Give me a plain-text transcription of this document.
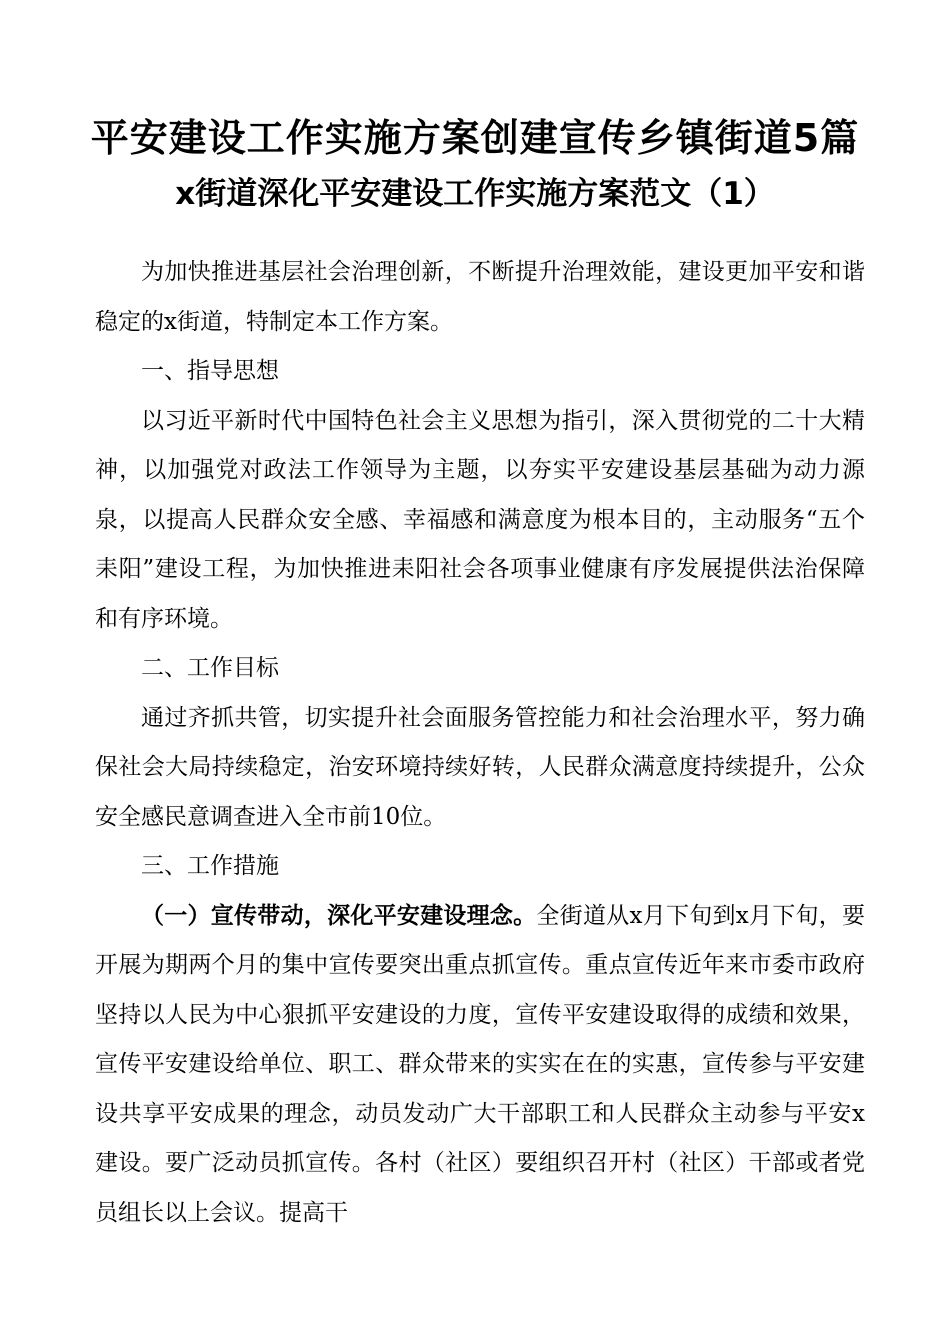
平安建设工作实施方案创建宣传乡镇街道5篇
x街道深化平安建设工作实施方案范文（1）

为加快推进基层社会治理创新，不断提升治理效能，建设更加平安和谐稳定的x街道，特制定本工作方案。

一、指导思想

以习近平新时代中国特色社会主义思想为指引，深入贯彻党的二十大精神，以加强党对政法工作领导为主题，以夯实平安建设基层基础为动力源泉，以提高人民群众安全感、幸福感和满意度为根本目的，主动服务“五个耒阳”建设工程，为加快推进耒阳社会各项事业健康有序发展提供法治保障和有序环境。

二、工作目标

通过齐抓共管，切实提升社会面服务管控能力和社会治理水平，努力确保社会大局持续稳定，治安环境持续好转，人民群众满意度持续提升，公众安全感民意调查进入全市前10位。

三、工作措施

（一）宣传带动，深化平安建设理念。全街道从x月下旬到x月下旬，要开展为期两个月的集中宣传要突出重点抓宣传。重点宣传近年来市委市政府坚持以人民为中心狠抓平安建设的力度，宣传平安建设取得的成绩和效果，宣传平安建设给单位、职工、群众带来的实实在在的实惠，宣传参与平安建设共享平安成果的理念，动员发动广大干部职工和人民群众主动参与平安x建设。要广泛动员抓宣传。各村（社区）要组织召开村（社区）干部或者党员组长以上会议。提高干
